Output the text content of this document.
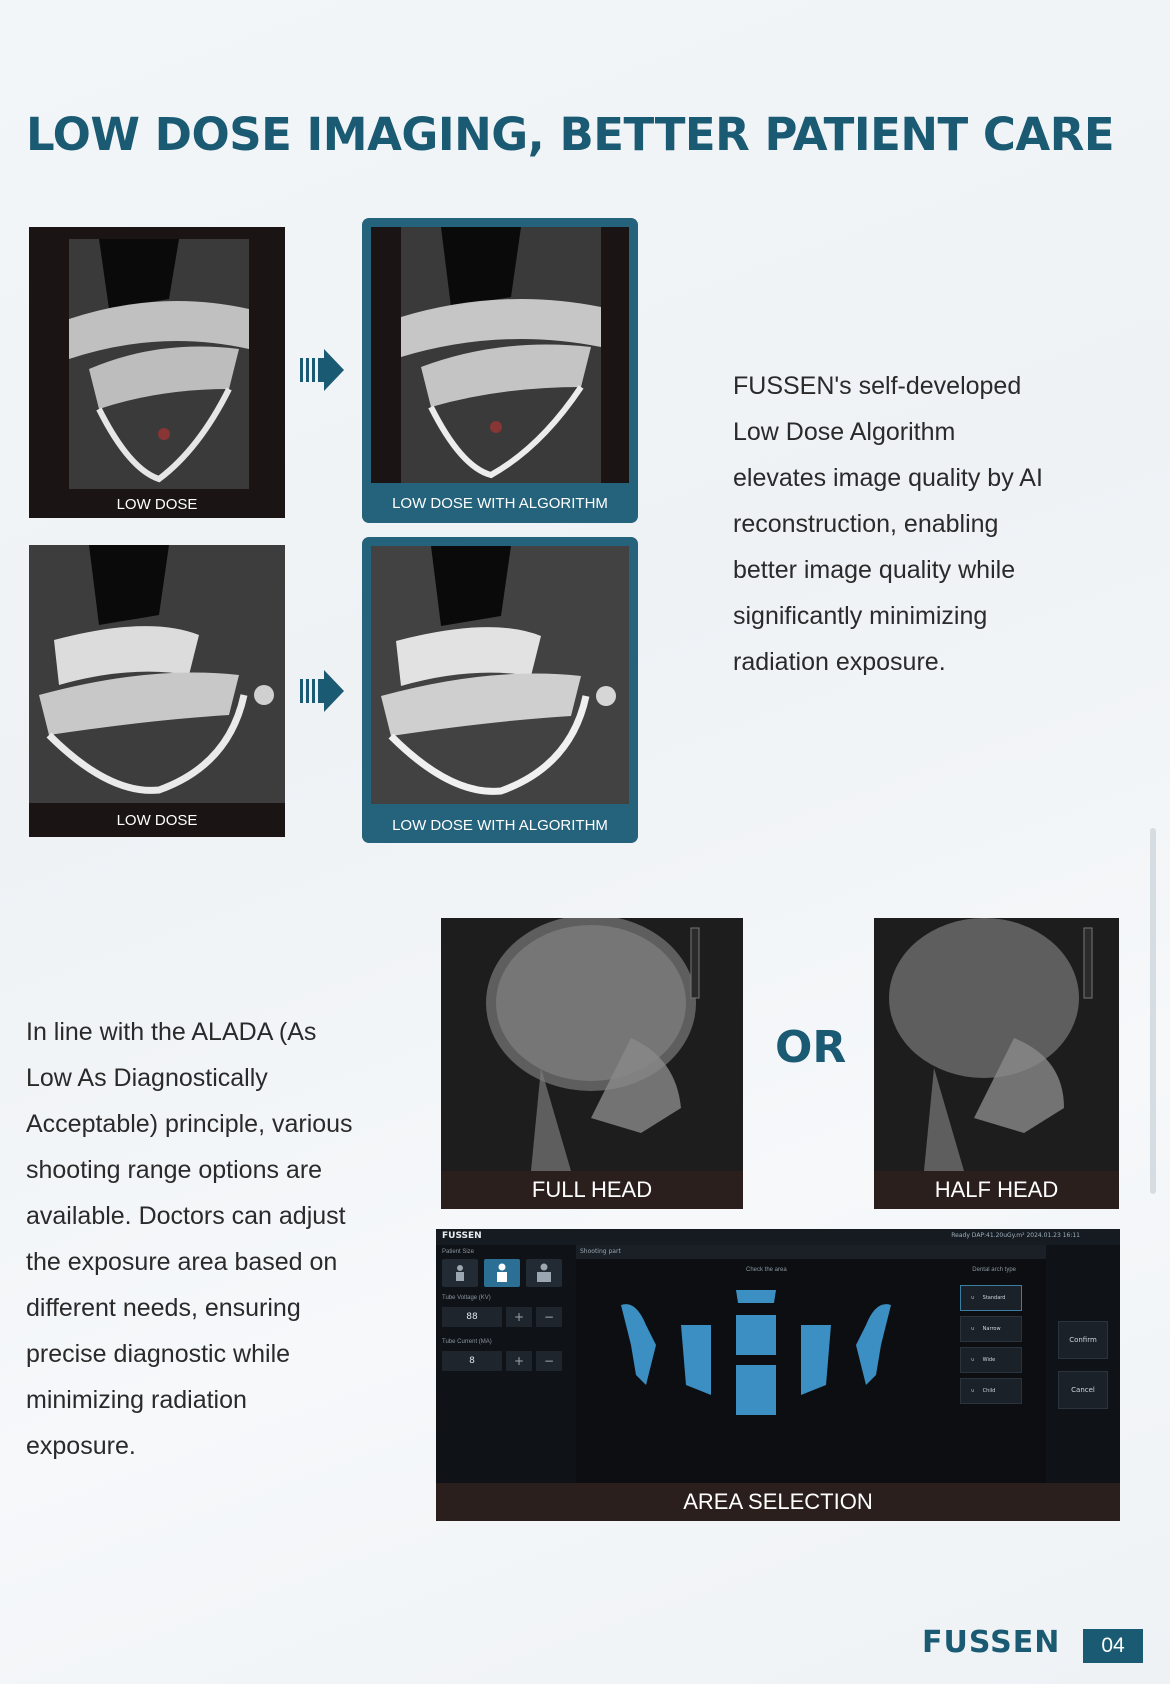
LOW DOSE IMAGING, BETTER PATIENT CARE
LOW DOSE	LOW DOSE WITH ALGORITHM
LOW DOSE	LOW DOSE WITH ALGORITHM
FUSSEN's self-developed
Low Dose Algorithm
elevates image quality by AI
reconstruction, enabling
better image quality while
significantly minimizing
radiation exposure.
In line with the ALADA (As
Low As Diagnostically
Acceptable) principle, various
shooting range options are
available. Doctors can adjust
the exposure area based on
different needs, ensuring
precise diagnostic while
minimizing radiation
exposure.
FULL HEAD
OR
HALF HEAD
FUSSEN	Ready DAP:41.20uGy.m² 2024.01.23 16:11
Patient Size
Tube Voltage (KV)
88	+	−
Tube Current (MA)
8	+	−
Shooting part
Check the area	Dental arch type
∪ Standard
∪ Narrow
∪ Wide
∪ Child
Confirm
Cancel
AREA SELECTION
FUSSEN	04
